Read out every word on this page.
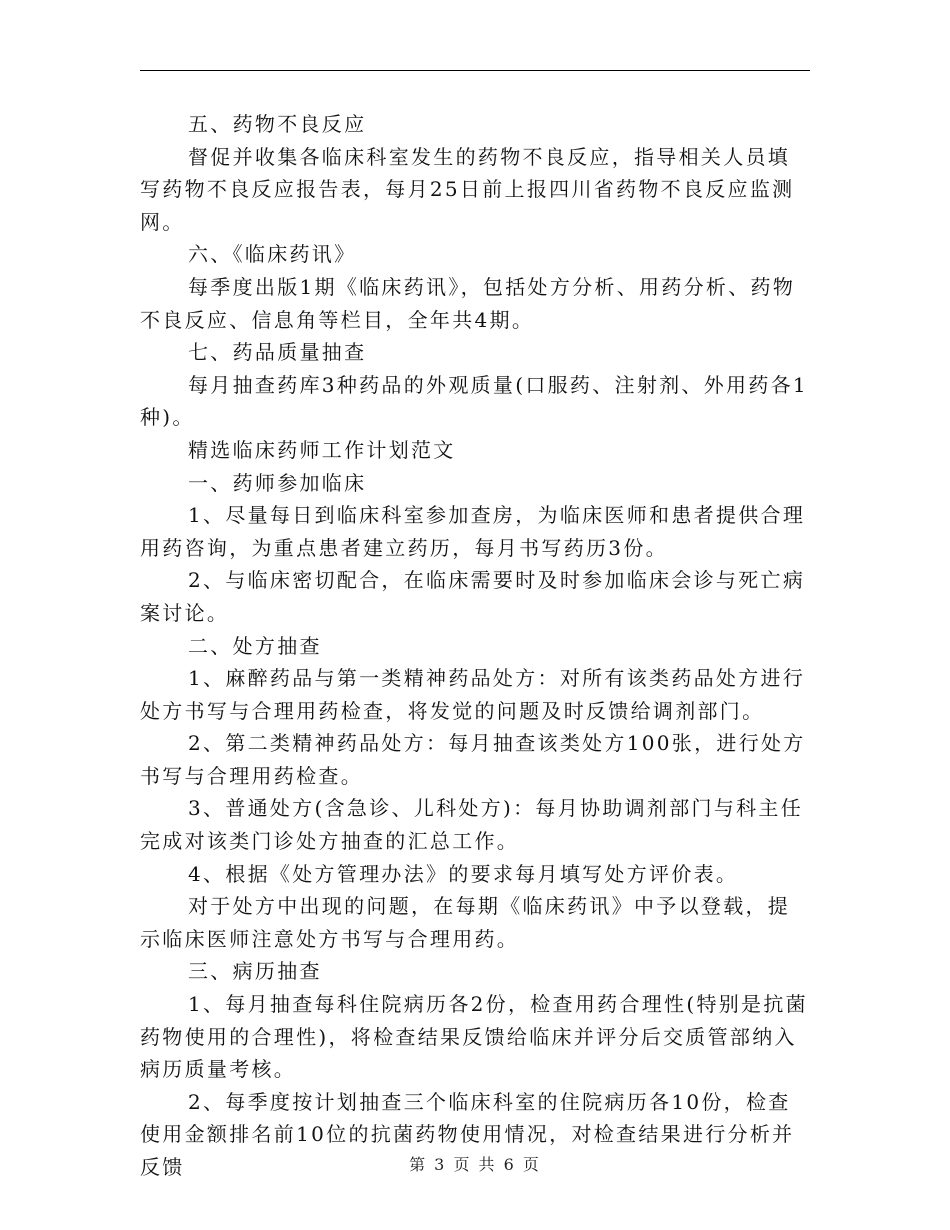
五、药物不良反应

督促并收集各临床科室发生的药物不良反应，指导相关人员填写药物不良反应报告表，每月25日前上报四川省药物不良反应监测网。

六、《临床药讯》

每季度出版1期《临床药讯》，包括处方分析、用药分析、药物不良反应、信息角等栏目，全年共4期。

七、药品质量抽查

每月抽查药库3种药品的外观质量(口服药、注射剂、外用药各1种)。

精选临床药师工作计划范文

一、药师参加临床

1、尽量每日到临床科室参加查房，为临床医师和患者提供合理用药咨询，为重点患者建立药历，每月书写药历3份。

2、与临床密切配合，在临床需要时及时参加临床会诊与死亡病案讨论。

二、处方抽查

1、麻醉药品与第一类精神药品处方：对所有该类药品处方进行处方书写与合理用药检查，将发觉的问题及时反馈给调剂部门。

2、第二类精神药品处方：每月抽查该类处方100张，进行处方书写与合理用药检查。

3、普通处方(含急诊、儿科处方)：每月协助调剂部门与科主任完成对该类门诊处方抽查的汇总工作。

4、根据《处方管理办法》的要求每月填写处方评价表。

对于处方中出现的问题，在每期《临床药讯》中予以登载，提示临床医师注意处方书写与合理用药。

三、病历抽查

1、每月抽查每科住院病历各2份，检查用药合理性(特别是抗菌药物使用的合理性)，将检查结果反馈给临床并评分后交质管部纳入病历质量考核。

2、每季度按计划抽查三个临床科室的住院病历各10份，检查使用金额排名前10位的抗菌药物使用情况，对检查结果进行分析并反馈	第 3 页 共 6 页
